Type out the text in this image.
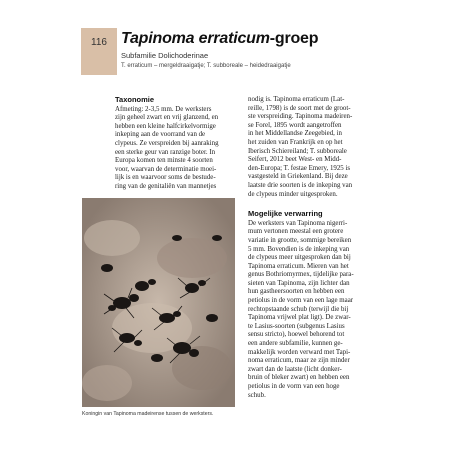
116 Tapinoma erraticum-groep
Subfamilie Dolichoderinae
T. erraticum – mergeldraaigatje; T. subboreale – heidedraaigatje
Taxonomie
Afmeting: 2-3,5 mm. De werksters
zijn geheel zwart en vrij glanzend, en
hebben een kleine halfcirkelvormige
inkeping aan de voorrand van de
clypeus. Ze verspreiden bij aanraking
een sterke geur van ranzige boter. In
Europa komen ten minste 4 soorten
voor, waarvan de determinatie moei-
lijk is en waarvoor soms de bestude-
ring van de genitaliën van mannetjes
nodig is. Tapinoma erraticum (Lat-
reille, 1798) is de soort met de groot-
ste verspreiding. Tapinoma madeiren-
se Forel, 1895 wordt aangetroffen
in het Middellandse Zeegebied, in
het zuiden van Frankrijk en op het
Iberisch Schiereiland; T. subboreale
Seifert, 2012 beet West- en Midd-
den-Europa; T. festae Emery, 1925 is
vastgesteld in Griekenland. Bij deze
laatste drie soorten is de inkeping van
de clypeus minder uitgesproken.
Mogelijke verwarring
De werksters van Tapinoma nigerri-
mum vertonen meestal een grotere
variatie in grootte, sommige bereiken
5 mm. Bovendien is de inkeping van
de clypeus meer uitgesproken dan bij
Tapinoma erraticum. Mieren van het
genus Bothriomyrmex, tijdelijke para-
sieten van Tapinoma, zijn lichter dan
hun gastheersoorten en hebben een
petiolus in de vorm van een lage maar
rechtopstaande schub (terwijl die bij
Tapinoma vrijwel plat ligt). De zwar-
te Lasius-soorten (subgenus Lasius
sensu stricto), hoewel behorend tot
een andere subfamilie, kunnen ge-
makkelijk worden verward met Tapi-
noma erraticum, maar ze zijn minder
zwart dan de laatste (licht donker-
bruin of bleker zwart) en hebben een
petiolus in de vorm van een hoge
schub.
Koningin van Tapinoma madeirense tussen de werksters.
